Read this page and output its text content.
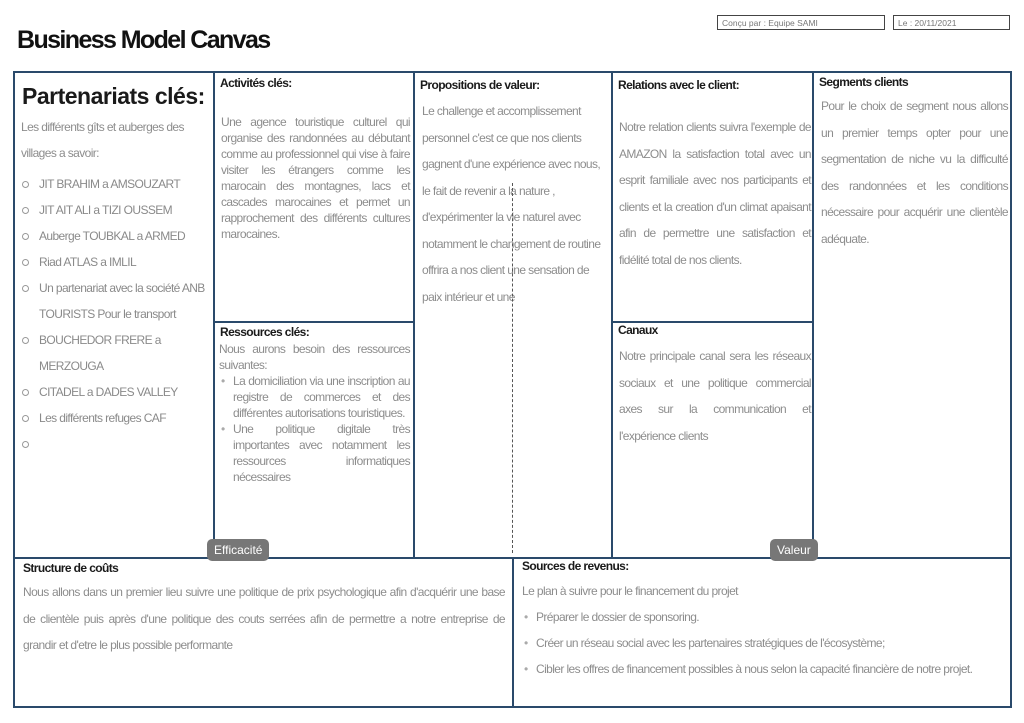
Business Model Canvas
Conçu par : Equipe SAMI	Le : 20/11/2021
Partenariats clés:
Les différents gîts et auberges des villages a savoir:
JIT BRAHIM a AMSOUZART
JIT AIT ALI a TIZI OUSSEM
Auberge TOUBKAL a ARMED
Riad ATLAS a IMLIL
Un partenariat avec la société ANB TOURISTS Pour le transport
BOUCHEDOR FRERE a MERZOUGA
CITADEL a DADES VALLEY
Les différents refuges CAF
Activités clés:
Une agence touristique culturel qui organise des randonnées au débutant comme au professionnel qui vise à faire visiter les étrangers comme les marocain des montagnes, lacs et cascades marocaines et permet un rapprochement des différents cultures marocaines.
Ressources clés:
Nous aurons besoin des ressources suivantes:
• La domiciliation via une inscription au registre de commerces et des différentes autorisations touristiques.
• Une politique digitale très importantes avec notamment les ressources informatiques nécessaires
Propositions de valeur:
Le challenge et accomplissement personnel c'est ce que nos clients gagnent d'une expérience avec nous, le fait de revenir a la nature , d'expérimenter la vie naturel avec notamment le changement de routine offrira a nos client une sensation de paix intérieur et une
Relations avec le client:
Notre relation clients suivra l'exemple de AMAZON la satisfaction total avec un esprit familiale avec nos participants et clients et la creation d'un climat apaisant afin de permettre une satisfaction et fidélité total de nos clients.
Canaux
Notre principale canal sera les réseaux sociaux et une politique commercial axes sur la communication et l'expérience clients
Segments clients
Pour le choix de segment nous allons un premier temps opter pour une segmentation de niche vu la difficulté des randonnées et les conditions nécessaire pour acquérir une clientèle adéquate.
Structure de coûts
Nous allons dans un premier lieu suivre une politique de prix psychologique afin d'acquérir une base de clientèle puis après d'une politique des couts serrées afin de permettre a notre entreprise de grandir et d'etre le plus possible performante
Sources de revenus:
Le plan à suivre pour le financement du projet
• Préparer le dossier de sponsoring.
• Créer un réseau social avec les partenaires stratégiques de l'écosystème;
• Cibler les offres de financement possibles à nous selon la capacité financière de notre projet.
Efficacité	Valeur
